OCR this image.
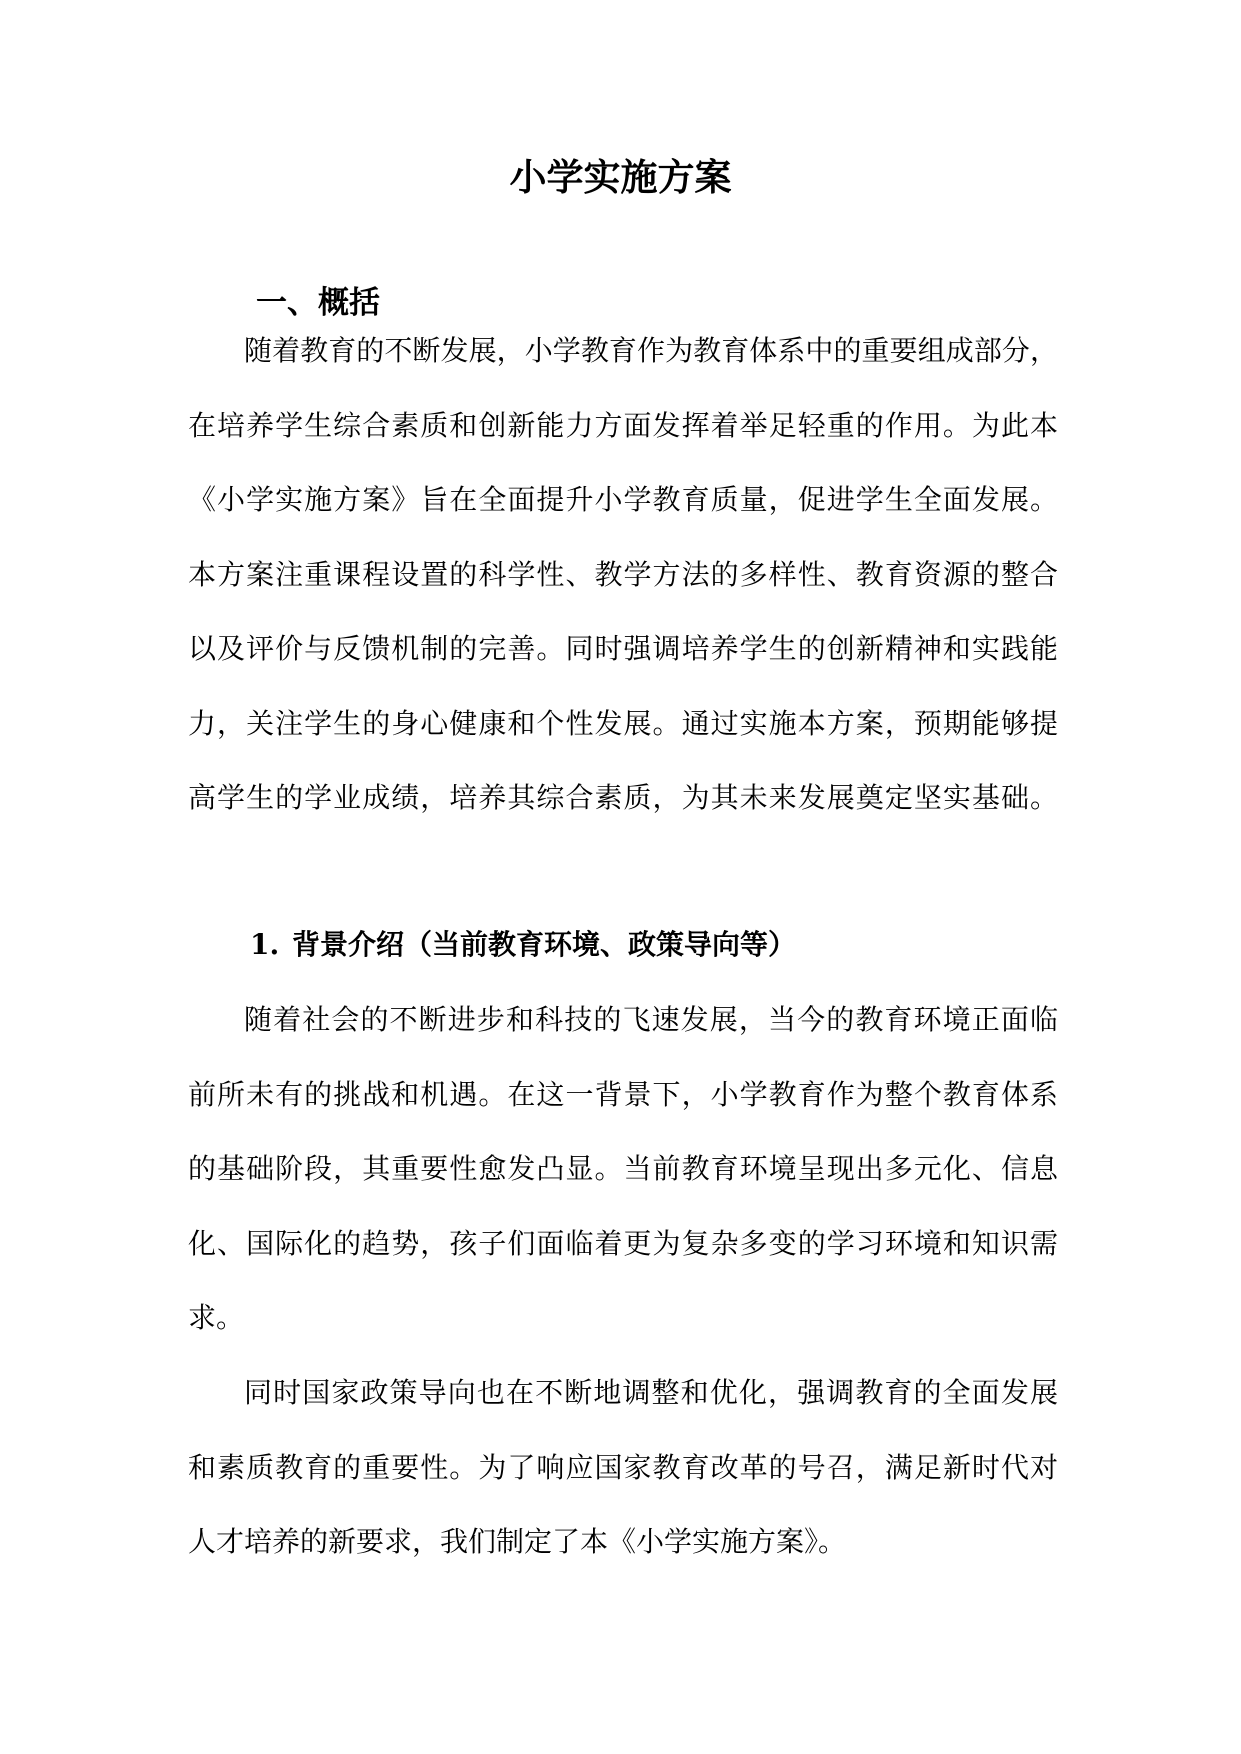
小学实施方案
一、概括
随着教育的不断发展，小学教育作为教育体系中的重要组成部分，
在培养学生综合素质和创新能力方面发挥着举足轻重的作用。为此本
《小学实施方案》旨在全面提升小学教育质量，促进学生全面发展。
本方案注重课程设置的科学性、教学方法的多样性、教育资源的整合
以及评价与反馈机制的完善。同时强调培养学生的创新精神和实践能
力，关注学生的身心健康和个性发展。通过实施本方案，预期能够提
高学生的学业成绩，培养其综合素质，为其未来发展奠定坚实基础。
1. 背景介绍（当前教育环境、政策导向等）
随着社会的不断进步和科技的飞速发展，当今的教育环境正面临
前所未有的挑战和机遇。在这一背景下，小学教育作为整个教育体系
的基础阶段，其重要性愈发凸显。当前教育环境呈现出多元化、信息
化、国际化的趋势，孩子们面临着更为复杂多变的学习环境和知识需
求。
同时国家政策导向也在不断地调整和优化，强调教育的全面发展
和素质教育的重要性。为了响应国家教育改革的号召，满足新时代对
人才培养的新要求，我们制定了本《小学实施方案》。
